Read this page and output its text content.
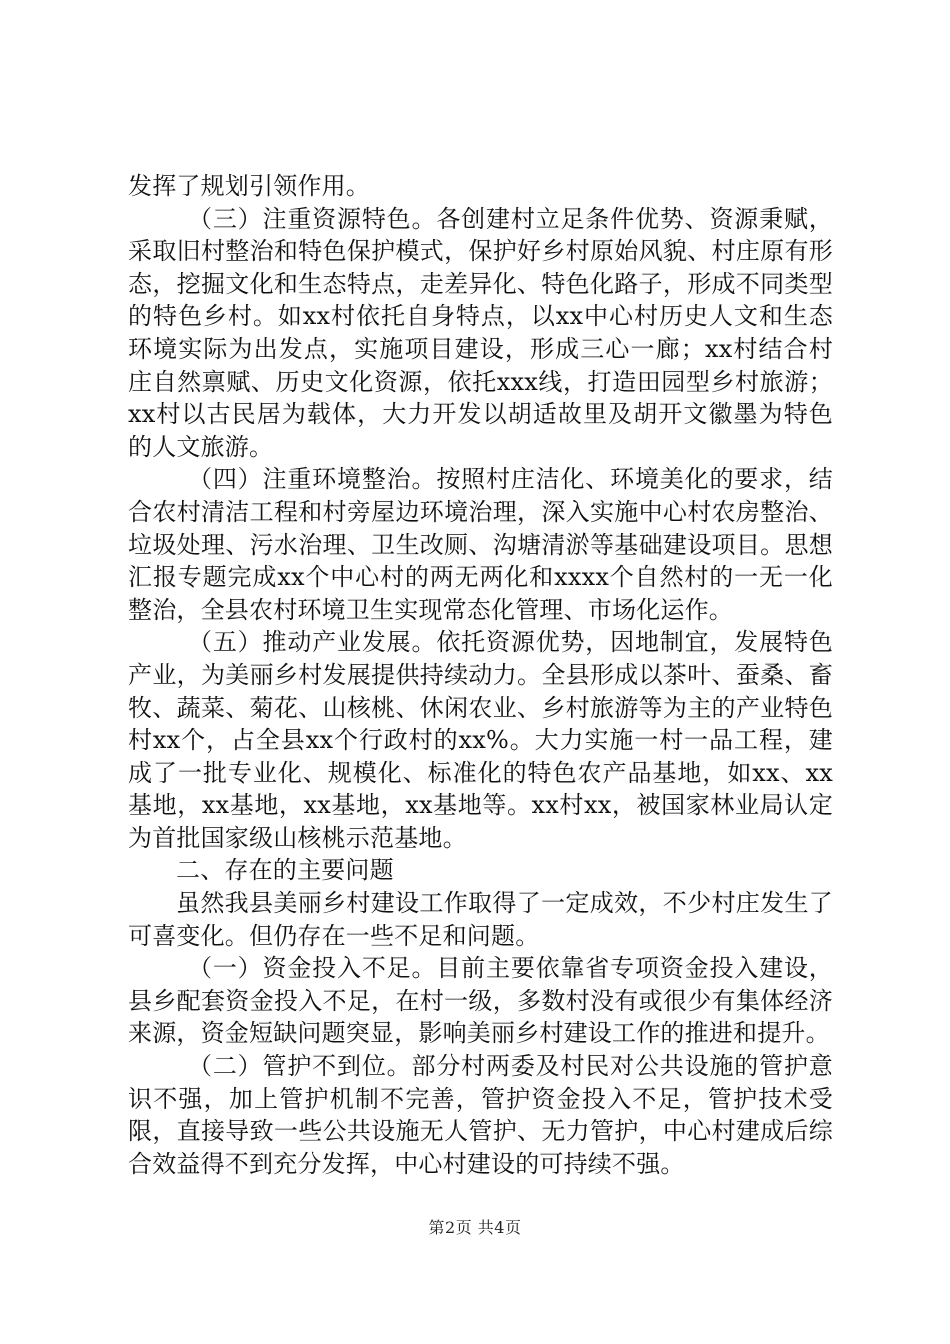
发挥了规划引领作用。

（三）注重资源特色。各创建村立足条件优势、资源秉赋，采取旧村整治和特色保护模式，保护好乡村原始风貌、村庄原有形态，挖掘文化和生态特点，走差异化、特色化路子，形成不同类型的特色乡村。如xx村依托自身特点，以xx中心村历史人文和生态环境实际为出发点，实施项目建设，形成三心一廊；xx村结合村庄自然禀赋、历史文化资源，依托xxx线，打造田园型乡村旅游；xx村以古民居为载体，大力开发以胡适故里及胡开文徽墨为特色的人文旅游。

（四）注重环境整治。按照村庄洁化、环境美化的要求，结合农村清洁工程和村旁屋边环境治理，深入实施中心村农房整治、垃圾处理、污水治理、卫生改厕、沟塘清淤等基础建设项目。思想汇报专题完成xx个中心村的两无两化和xxxx个自然村的一无一化整治，全县农村环境卫生实现常态化管理、市场化运作。

（五）推动产业发展。依托资源优势，因地制宜，发展特色产业，为美丽乡村发展提供持续动力。全县形成以茶叶、蚕桑、畜牧、蔬菜、菊花、山核桃、休闲农业、乡村旅游等为主的产业特色村xx个，占全县xx个行政村的xx%。大力实施一村一品工程，建成了一批专业化、规模化、标准化的特色农产品基地，如xx、xx基地，xx基地，xx基地，xx基地等。xx村xx，被国家林业局认定为首批国家级山核桃示范基地。

二、存在的主要问题

虽然我县美丽乡村建设工作取得了一定成效，不少村庄发生了可喜变化。但仍存在一些不足和问题。

（一）资金投入不足。目前主要依靠省专项资金投入建设，县乡配套资金投入不足，在村一级，多数村没有或很少有集体经济来源，资金短缺问题突显，影响美丽乡村建设工作的推进和提升。

（二）管护不到位。部分村两委及村民对公共设施的管护意识不强，加上管护机制不完善，管护资金投入不足，管护技术受限，直接导致一些公共设施无人管护、无力管护，中心村建成后综合效益得不到充分发挥，中心村建设的可持续不强。

第2页 共4页
